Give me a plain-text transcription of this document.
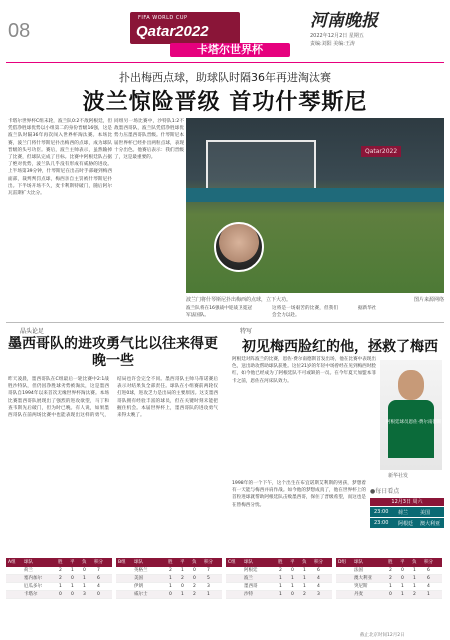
08
FIFA WORLD CUP
Qatar2022
卡塔尔世界杯
河南晚报
2022年12月2日 星期五
责编:刘阳 美编:王涛
扑出梅西点球，助球队时隔36年再进淘汰赛
波兰惊险晋级 首功什琴斯尼
卡塔尔世界杯C组末轮，波兰队0:2不敌阿根廷，但凭借净胜球优势以小组第二的身份晋级16强，这是波兰队时隔36年再次闯入世界杯淘汰赛。本场比赛，波兰门将什琴斯尼扑出梅西的点球，成为球队晋级的头号功臣。赛后，波兰主帅表示，虽然输掉了比赛，但球队完成了目标。比赛中阿根廷队占据了绝对优势，波兰队几乎没有形成有威胁的进攻。上半场第39分钟，什琴斯尼在出击时手部碰到梅西面部，裁判判罚点球，梅西亲自主罚被什琴斯尼扑出。下半场开场不久，麦卡利斯特破门，随后阿尔瓦雷斯扩大比分。
同组另一场比赛中，沙特队1:2不敌墨西哥队，波兰队凭借净胜球优势力压墨西哥队晋级。什琴斯尼本届世界杯已经扑出两粒点球，表现十分出色。他赛后表示：我们晋级了，这是最重要的。
Qatar2022
波兰门将什琴斯尼扑出梅西的点球，立下大功。	图片来源网络

波兰队将在16强战中迎战卫冕冠军法国队。

这将是一场艰苦的比赛，但我们会全力以赴。

据新华社

晶头论足	特写
墨西哥队的进攻勇气比以往来得更晚一些
昨天凌晨，墨西哥队在C组最后一轮比赛中2:1战胜沙特队，但仍因净胜球劣势被淘汰，这是墨西哥队自1994年以来首次无缘世界杯淘汰赛。本场比赛墨西哥队展现出了强烈的进攻欲望，马丁和查韦斯先后破门，但为时已晚。有人说，如果墨西哥队在前两场比赛中也能表现出这样的勇气，结局也许会完全不同。墨西哥队主帅马蒂诺赛后表示对结果负全部责任。球队在小组赛前两轮仅打进0球，进攻乏力是出局的主要原因。这支墨西哥队拥有经验丰富的球员，但在关键时刻未能把握住机会。本届世界杯上，墨西哥队的进攻勇气来得太晚了。
初见梅西脸红的他，拯救了梅西
阿根廷对阵波兰的比赛，恩佐·费尔南德斯首发出场，他在比赛中表现出色，送出助攻帮助球队获胜。这位21岁的年轻中场曾经在见到梅西时脸红，如今他已经成为了阿根廷队不可或缺的一员。在今年夏天加盟本菲卡之前，恩佐在河床队效力。
1998年的一个下午，这个出生在布宜诺斯艾利斯的男孩，梦想着有一天能与梅西并肩作战。如今他的梦想成真了，他在世界杯上的首粒进球就帮助阿根廷队击败墨西哥，保住了晋级希望，而这也是在替梅西分忧。
阿根廷球员恩佐·费尔南德斯
新华社发
●每日看点
12月3日 周六
23:00 荷兰 美国
23:00 阿根廷 澳大利亚
A组 球队	胜 平 负 积分
荷兰	2 1 0 7
塞内加尔	2 0 1 6
厄瓜多尔	1 1 1 4
卡塔尔	0 0 3 0
B组 球队	胜 平 负 积分
英格兰	2 1 0 7
美国	1 2 0 5
伊朗	1 0 2 3
威尔士	0 1 2 1
C组 球队	胜 平 负 积分
阿根廷	2 0 1 6
波兰	1 1 1 4
墨西哥	1 1 1 4
沙特	1 0 2 3
D组 球队	胜 平 负 积分
法国	2 0 1 6
澳大利亚	2 0 1 6
突尼斯	1 1 1 4
丹麦	0 1 2 1
截止北京时间12月2日
